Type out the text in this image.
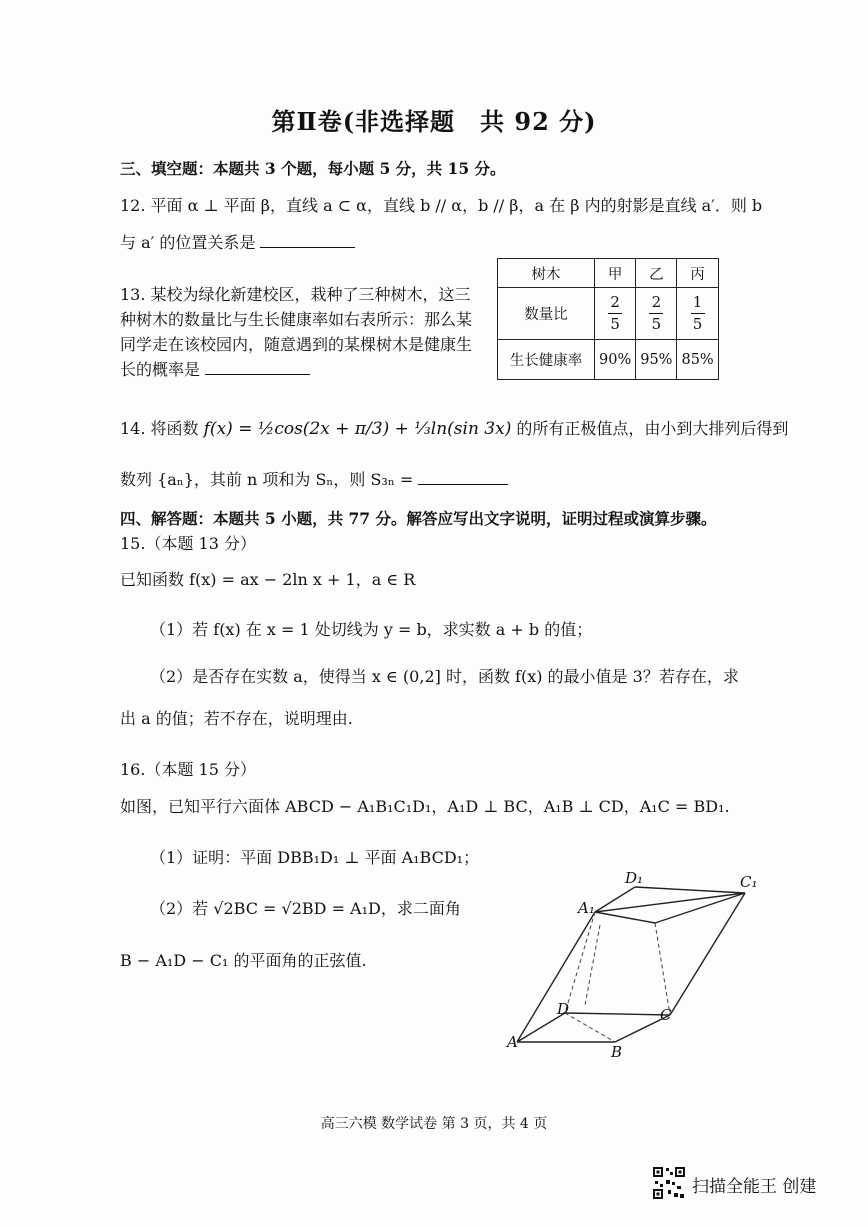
第Ⅱ卷(非选择题　共 92 分)
三、填空题：本题共 3 个题，每小题 5 分，共 15 分。
12. 平面 α ⊥ 平面 β，直线 a ⊂ α，直线 b // α，b // β，a 在 β 内的射影是直线 a′．则 b
与 a′ 的位置关系是
13. 某校为绿化新建校区，栽种了三种树木，这三
种树木的数量比与生长健康率如右表所示：那么某
同学走在该校园内，随意遇到的某棵树木是健康生
长的概率是
树木	甲	乙	丙
数量比	$\frac{2}{5}$	$\frac{2}{5}$	$\frac{1}{5}$

生长健康率	90%	95%	85%
14. 将函数 f(x) = ½cos(2x + π/3) + ⅓ln(sin 3x) 的所有正极值点，由小到大排列后得到
数列 {aₙ}，其前 n 项和为 Sₙ，则 S₃ₙ =
四、解答题：本题共 5 小题，共 77 分。解答应写出文字说明，证明过程或演算步骤。
15.（本题 13 分）
已知函数 f(x) = ax − 2ln x + 1，a ∈ R
（1）若 f(x) 在 x = 1 处切线为 y = b，求实数 a + b 的值；
（2）是否存在实数 a，使得当 x ∈ (0,2] 时，函数 f(x) 的最小值是 3？若存在，求
出 a 的值；若不存在，说明理由.
16.（本题 15 分）
如图，已知平行六面体 ABCD − A₁B₁C₁D₁，A₁D ⊥ BC，A₁B ⊥ CD，A₁C = BD₁.
（1）证明：平面 DBB₁D₁ ⊥ 平面 A₁BCD₁；
（2）若 √2BC = √2BD = A₁D，求二面角
B − A₁D − C₁ 的平面角的正弦值.
D₁	C₁
A₁
D	C
A
B
高三六模 数学试卷 第 3 页，共 4 页
扫描全能王 创建
